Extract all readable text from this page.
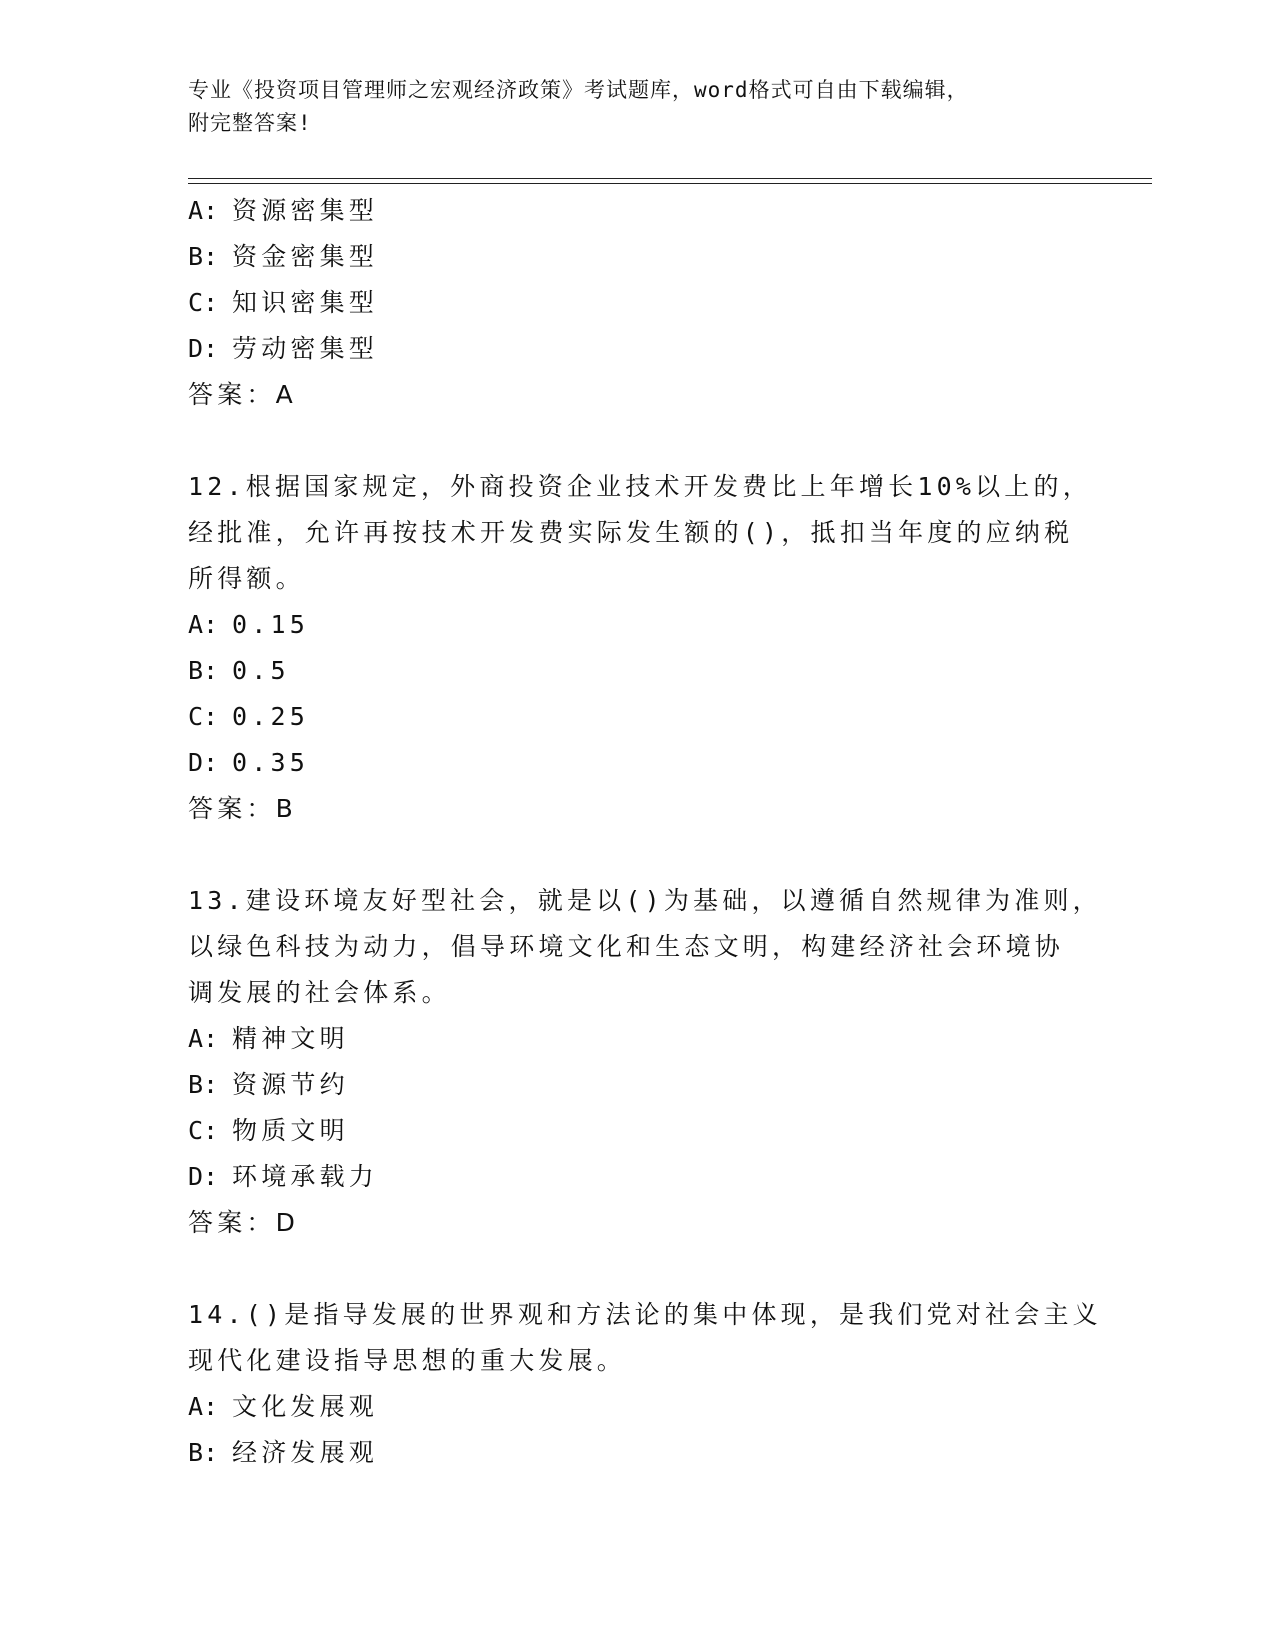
专业《投资项目管理师之宏观经济政策》考试题库，word格式可自由下载编辑，
附完整答案!
A: 资源密集型
B: 资金密集型
C: 知识密集型
D: 劳动密集型
答案：A
12.根据国家规定，外商投资企业技术开发费比上年增长10%以上的，
经批准，允许再按技术开发费实际发生额的()，抵扣当年度的应纳税
所得额。
A: 0.15
B: 0.5
C: 0.25
D: 0.35
答案：B
13.建设环境友好型社会，就是以()为基础，以遵循自然规律为准则，
以绿色科技为动力，倡导环境文化和生态文明，构建经济社会环境协
调发展的社会体系。
A: 精神文明
B: 资源节约
C: 物质文明
D: 环境承载力
答案：D
14.()是指导发展的世界观和方法论的集中体现，是我们党对社会主义
现代化建设指导思想的重大发展。
A: 文化发展观
B: 经济发展观
